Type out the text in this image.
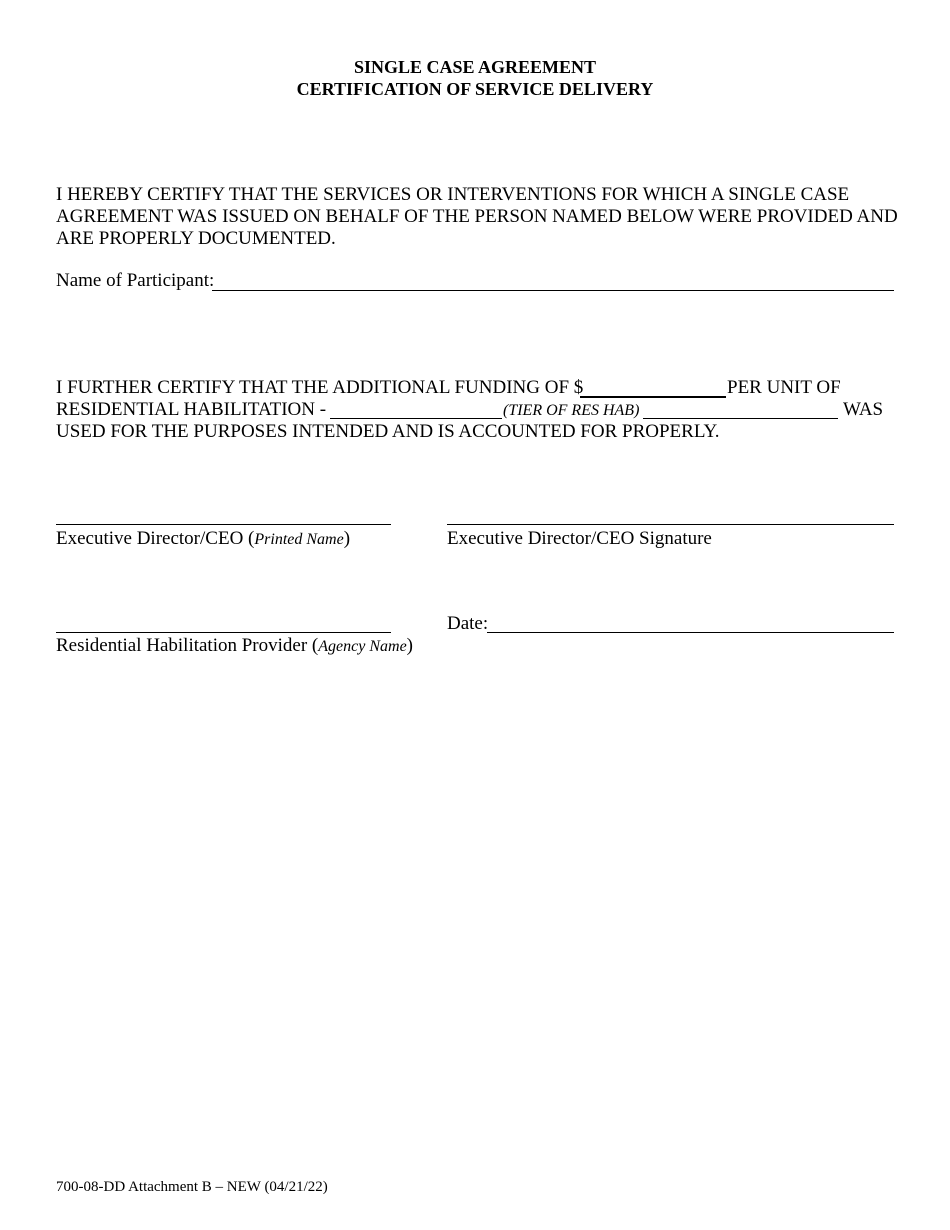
SINGLE CASE AGREEMENT
CERTIFICATION OF SERVICE DELIVERY
I HEREBY CERTIFY THAT THE SERVICES OR INTERVENTIONS FOR WHICH A SINGLE CASE
AGREEMENT WAS ISSUED ON BEHALF OF THE PERSON NAMED BELOW WERE PROVIDED AND
ARE PROPERLY DOCUMENTED.
Name of Participant:
I FURTHER CERTIFY THAT THE ADDITIONAL FUNDING OF $	PER UNIT OF
RESIDENTIAL HABILITATION -	(TIER OF RES HAB)	WAS
USED FOR THE PURPOSES INTENDED AND IS ACCOUNTED FOR PROPERLY.
Executive Director/CEO (Printed Name)	Executive Director/CEO Signature
Residential Habilitation Provider (Agency Name)
Date:
700-08-DD Attachment B – NEW (04/21/22)
